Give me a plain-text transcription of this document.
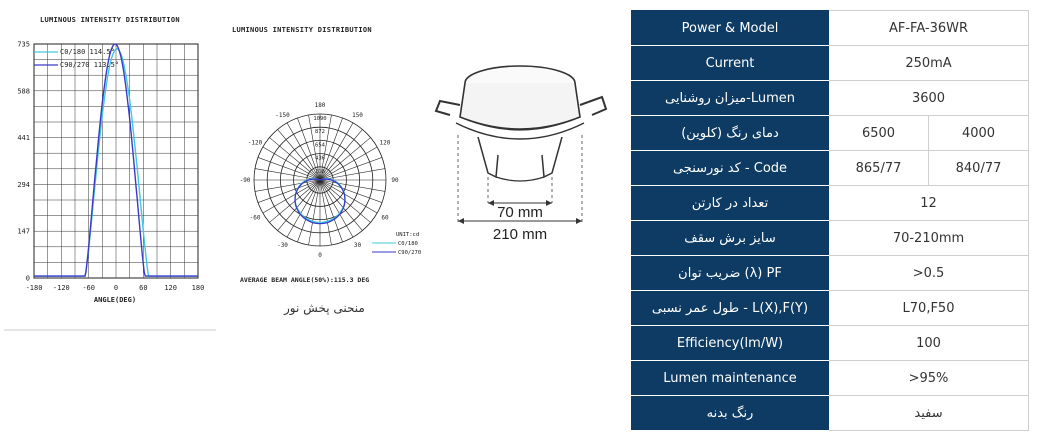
LUMINOUS INTENSITY DISTRIBUTION
735
588
441
294
147
0
-180 -120 -60	0	60 120 180
C0/180 114.5°
C90/270 113.5°
ANGLE(DEG)
LUMINOUS INTENSITY DISTRIBUTION
180
-150	150
-120	120
-90	90
-60	60
-30	30
0
1090
872
654
436
218
UNIT:cd
C0/180
C90/270
AVERAGE BEAM ANGLE(50%):115.3 DEG
منحنی پخش نور
70 mm
210 mm
Power & Model	AF-FA-36WR	
Current	250mA	
میزان روشنایی-Lumen	3600	
دمای رنگ (کلوین)	6500	4000
کد نورسنجی - Code	865/77	840/77
تعداد در کارتن	12	
سایز برش سقف	70-210mm	
ضریب توان (λ) PF	>0.5	
طول عمر نسبی - L(X),F(Y)	L70,F50	
Efficiency(lm/W)	100	
Lumen maintenance	>95%	
رنگ بدنه	سفید	
